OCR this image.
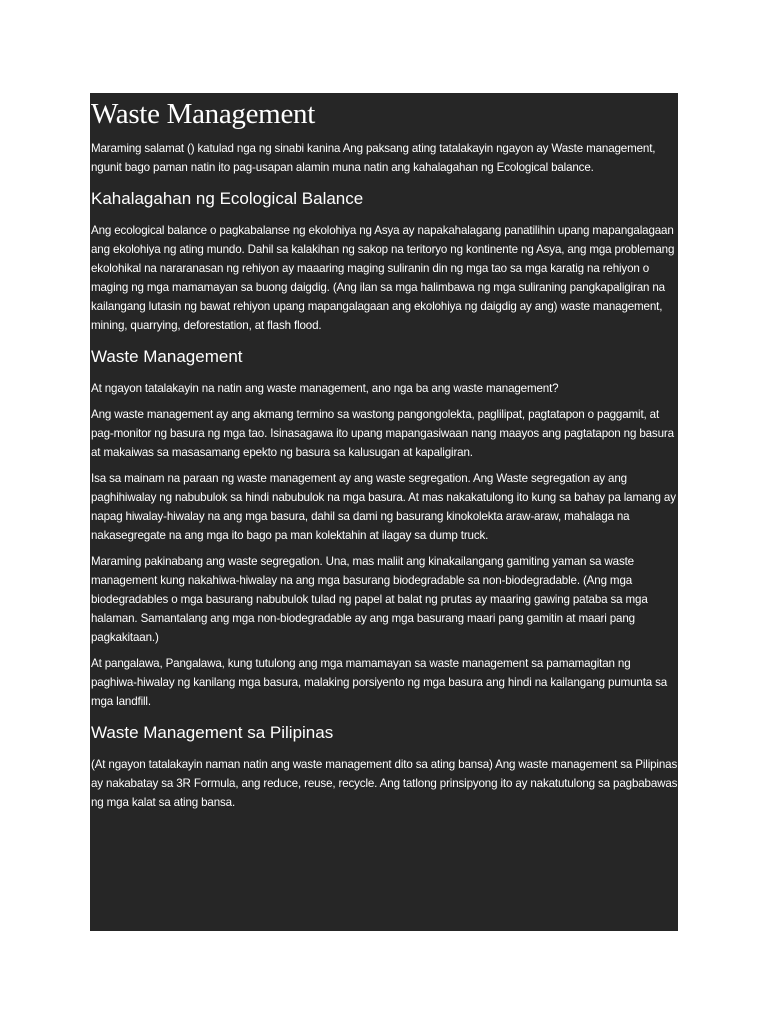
Waste Management

Maraming salamat () katulad nga ng sinabi kanina Ang paksang ating tatalakayin ngayon ay Waste management, ngunit bago paman natin ito pag-usapan alamin muna natin ang kahalagahan ng Ecological balance.

Kahalagahan ng Ecological Balance

Ang ecological balance o pagkabalanse ng ekolohiya ng Asya ay napakahalagang panatilihin upang mapangalagaan ang ekolohiya ng ating mundo. Dahil sa kalakihan ng sakop na teritoryo ng kontinente ng Asya, ang mga problemang ekolohikal na nararanasan ng rehiyon ay maaaring maging suliranin din ng mga tao sa mga karatig na rehiyon o maging ng mga mamamayan sa buong daigdig. (Ang ilan sa mga halimbawa ng mga suliraning pangkapaligiran na kailangang lutasin ng bawat rehiyon upang mapangalagaan ang ekolohiya ng daigdig ay ang) waste management, mining, quarrying, deforestation, at flash flood.

Waste Management

At ngayon tatalakayin na natin ang waste management, ano nga ba ang waste management?

Ang waste management ay ang akmang termino sa wastong pangongolekta, paglilipat, pagtatapon o paggamit, at pag-monitor ng basura ng mga tao. Isinasagawa ito upang mapangasiwaan nang maayos ang pagtatapon ng basura at makaiwas sa masasamang epekto ng basura sa kalusugan at kapaligiran.

Isa sa mainam na paraan ng waste management ay ang waste segregation. Ang Waste segregation ay ang paghihiwalay ng nabubulok sa hindi nabubulok na mga basura. At mas nakakatulong ito kung sa bahay pa lamang ay napag hiwalay-hiwalay na ang mga basura, dahil sa dami ng basurang kinokolekta araw-araw, mahalaga na nakasegregate na ang mga ito bago pa man kolektahin at ilagay sa dump truck.

Maraming pakinabang ang waste segregation. Una, mas maliit ang kinakailangang gamiting yaman sa waste management kung nakahiwa-hiwalay na ang mga basurang biodegradable sa non-biodegradable. (Ang mga biodegradables o mga basurang nabubulok tulad ng papel at balat ng prutas ay maaring gawing pataba sa mga halaman. Samantalang ang mga non-biodegradable ay ang mga basurang maari pang gamitin at maari pang pagkakitaan.)

At pangalawa, Pangalawa, kung tutulong ang mga mamamayan sa waste management sa pamamagitan ng paghiwa-hiwalay ng kanilang mga basura, malaking porsiyento ng mga basura ang hindi na kailangang pumunta sa mga landfill.

Waste Management sa Pilipinas

(At ngayon tatalakayin naman natin ang waste management dito sa ating bansa) Ang waste management sa Pilipinas ay nakabatay sa 3R Formula, ang reduce, reuse, recycle. Ang tatlong prinsipyong ito ay nakatutulong sa pagbabawas ng mga kalat sa ating bansa.
